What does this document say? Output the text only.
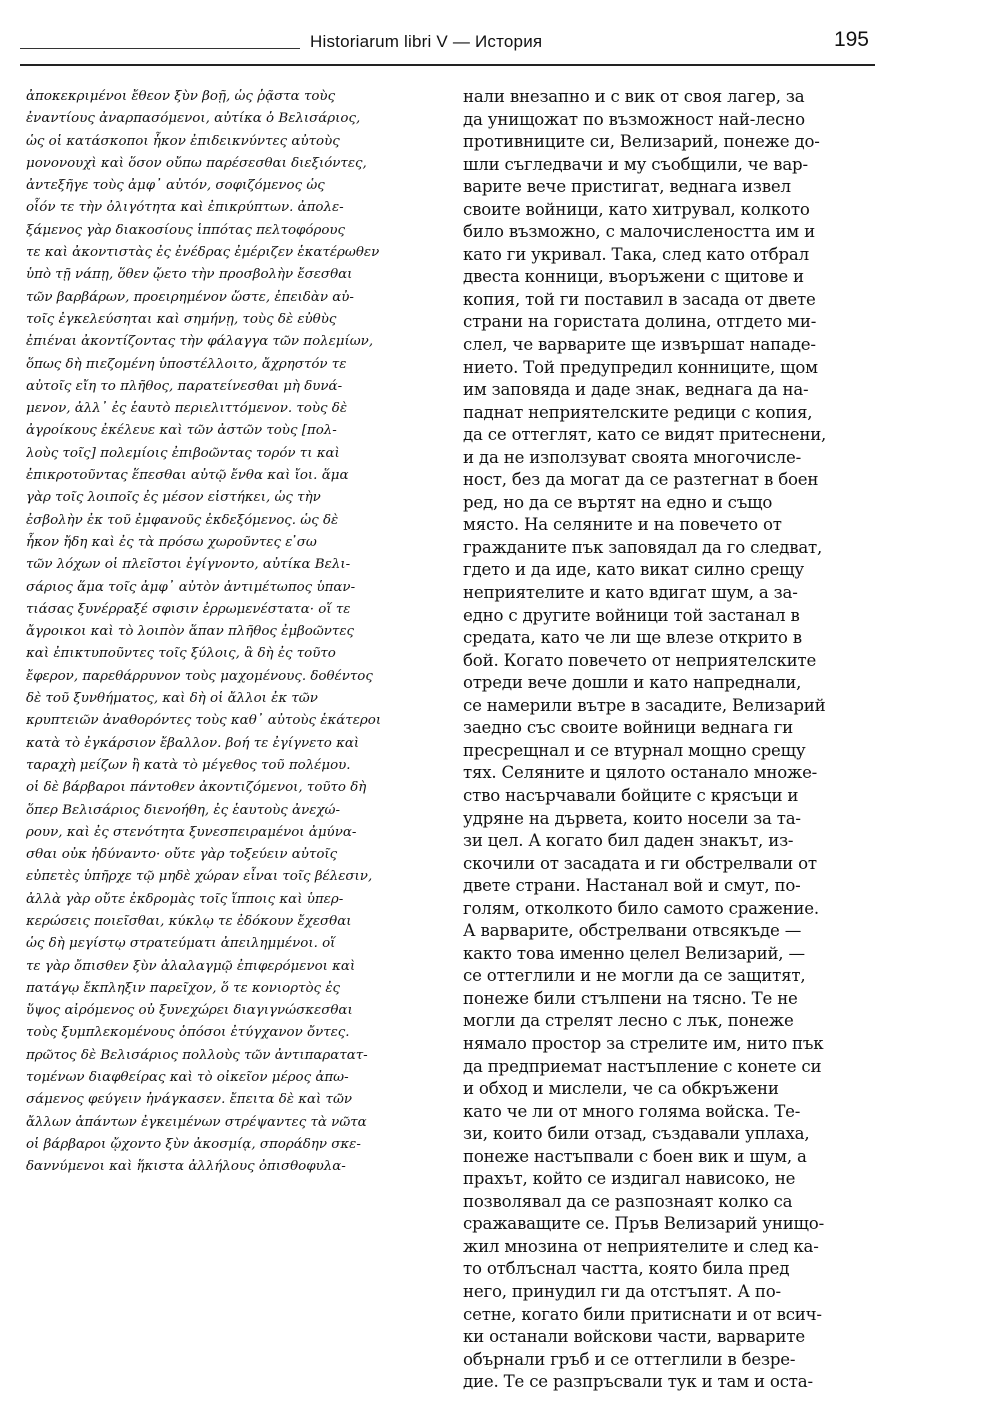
Historiarum libri V — История	195
ἀποκεκριμένοι ἔθεον ξὺν βοῇ, ὡς ῥᾷστα τοὺς
ἐναντίους ἀναρπασόμενοι, αὐτίκα ὁ Βελισάριος,
ὡς οἱ κατάσκοποι ἧκον ἐπιδεικνύντες αὐτοὺς
μονονουχὶ καὶ ὅσον οὔπω παρέσεσθαι διεξιόντες,
ἀντεξῆγε τοὺς ἀμφ᾿ αὐτόν, σοφιζόμενος ὡς
οἷόν τε τὴν ὀλιγότητα καὶ ἐπικρύπτων. ἀπολε-
ξάμενος γὰρ διακοσίους ἱππότας πελτοφόρους
τε καὶ ἀκοντιστὰς ἐς ἐνέδρας ἐμέριζεν ἑκατέρωθεν
ὑπὸ τῇ νάπῃ, ὅθεν ᾤετο τὴν προσβολὴν ἔσεσθαι
τῶν βαρβάρων, προειρημένον ὥστε, ἐπειδὰν αὐ-
τοῖς ἐγκελεύσηται καὶ σημήνῃ, τοὺς δὲ εὐθὺς
ἐπιέναι ἀκοντίζοντας τὴν φάλαγγα τῶν πολεμίων,
ὅπως δὴ πιεζομένη ὑποστέλλοιτο, ἄχρηστόν τε
αὐτοῖς εἴη το πλῆθος, παρατείνεσθαι μὴ δυνά-
μενον, ἀλλ᾿ ἐς ἑαυτὸ περιελιττόμενον. τοὺς δὲ
ἀγροίκους ἐκέλευε καὶ τῶν ἀστῶν τοὺς [πολ-
λοὺς τοῖς] πολεμίοις ἐπιβοῶντας τορόν τι καὶ
ἐπικροτοῦντας ἕπεσθαι αὐτῷ ἔνθα καὶ ἴοι. ἅμα
γὰρ τοῖς λοιποῖς ἐς μέσον εἱστήκει, ὡς τὴν
ἐσβολὴν ἐκ τοῦ ἐμφανοῦς ἐκδεξόμενος. ὡς δὲ
ἧκον ἤδη καὶ ἐς τὰ πρόσω χωροῦντες ε ̓σω
τῶν λόχων οἱ πλεῖστοι ἐγίγνοντο, αὐτίκα Βελι-
σάριος ἅμα τοῖς ἀμφ᾿ αὐτὸν ἀντιμέτωπος ὑπαν-
τιάσας ξυνέρραξέ σφισιν ἐρρωμενέστατα· οἵ τε
ἄγροικοι καὶ τὸ λοιπὸν ἅπαν πλῆθος ἐμβοῶντες
καὶ ἐπικτυποῦντες τοῖς ξύλοις, ἃ δὴ ἐς τοῦτο
ἔφερον, παρεθάρρυνον τοὺς μαχομένους. δοθέντος
δὲ τοῦ ξυνθήματος, καὶ δὴ οἱ ἄλλοι ἐκ τῶν
κρυπτειῶν ἀναθορόντες τοὺς καθ᾿ αὐτοὺς ἑκάτεροι
κατὰ τὸ ἐγκάρσιον ἔβαλλον. βοή τε ἐγίγνετο καὶ
ταραχὴ μείζων ἢ κατὰ τὸ μέγεθος τοῦ πολέμου.
οἱ δὲ βάρβαροι πάντοθεν ἀκοντιζόμενοι, τοῦτο δὴ
ὅπερ Βελισάριος διενοήθη, ἐς ἑαυτοὺς ἀνεχώ-
ρουν, καὶ ἐς στενότητα ξυνεσπειραμένοι ἀμύνα-
σθαι οὐκ ἠδύναντο· οὔτε γὰρ τοξεύειν αὐτοῖς
εὐπετὲς ὑπῆρχε τῷ μηδὲ χώραν εἶναι τοῖς βέλεσιν,
ἀλλὰ γὰρ οὔτε ἐκδρομὰς τοῖς ἵπποις καὶ ὑπερ-
κερώσεις ποιεῖσθαι, κύκλῳ τε ἐδόκουν ἔχεσθαι
ὡς δὴ μεγίστῳ στρατεύματι ἀπειλημμένοι. οἵ
τε γὰρ ὄπισθεν ξὺν ἀλαλαγμῷ ἐπιφερόμενοι καὶ
πατάγῳ ἔκπληξιν παρεῖχον, ὅ τε κονιορτὸς ἐς
ὕψος αἰρόμενος οὐ ξυνεχώρει διαγιγνώσκεσθαι
τοὺς ξυμπλεκομένους ὁπόσοι ἐτύγχανον ὄντες.
πρῶτος δὲ Βελισάριος πολλοὺς τῶν ἀντιπαρατατ-
τομένων διαφθείρας καὶ τὸ οἰκεῖον μέρος ἀπω-
σάμενος φεύγειν ἠνάγκασεν. ἔπειτα δὲ καὶ τῶν
ἄλλων ἁπάντων ἐγκειμένων στρέψαντες τὰ νῶτα
οἱ βάρβαροι ᾤχοντο ξὺν ἀκοσμίᾳ, σποράδην σκε-
δαννύμενοι καὶ ἥκιστα ἀλλήλους ὀπισθοφυλα-
нали внезапно и с вик от своя лагер, за
да унищожат по възможност най-лесно
противниците си, Велизарий, понеже до-
шли съгледвачи и му съобщили, че вар-
варите вече пристигат, веднага извел
своите войници, като хитрувал, колкото
било възможно, с малочислеността им и
като ги укривал. Така, след като отбрал
двеста конници, въоръжени с щитове и
копия, той ги поставил в засада от двете
страни на гористата долина, отгдето ми-
слел, че варварите ще извършат нападе-
нието. Той предупредил конниците, щом
им заповяда и даде знак, веднага да на-
паднат неприятелските редици с копия,
да се оттеглят, като се видят притеснени,
и да не използуват своята многочисле-
ност, без да могат да се разтегнат в боен
ред, но да се въртят на едно и също
място. На селяните и на повечето от
гражданите пък заповядал да го следват,
гдето и да иде, като викат силно срещу
неприятелите и като вдигат шум, а за-
едно с другите войници той застанал в
средата, като че ли ще влезе открито в
бой. Когато повечето от неприятелските
отреди вече дошли и като напреднали,
се намерили вътре в засадите, Велизарий
заедно със своите войници веднага ги
пресрещнал и се втурнал мощно срещу
тях. Селяните и цялото останало множе-
ство насърчавали бойците с крясъци и
удряне на дървета, които носели за та-
зи цел. А когато бил даден знакът, из-
скочили от засадата и ги обстрелвали от
двете страни. Настанал вой и смут, по-
голям, отколкото било самото сражение.
А варварите, обстрелвани отвсякъде —
както това именно целел Велизарий, —
се оттеглили и не могли да се защитят,
понеже били стълпени на тясно. Те не
могли да стрелят лесно с лък, понеже
нямало простор за стрелите им, нито пък
да предприемат настъпление с конете си
и обход и мислели, че са обкръжени
като че ли от много голяма войска. Те-
зи, които били отзад, създавали уплаха,
понеже настъпвали с боен вик и шум, а
прахът, който се издигал нависоко, не
позволявал да се разпознаят колко са
сражаващите се. Пръв Велизарий унищо-
жил мнозина от неприятелите и след ка-
то отблъснал частта, която била пред
него, принудил ги да отстъпят. А по-
сетне, когато били притиснати и от всич-
ки останали войскови части, варварите
обърнали гръб и се оттеглили в безре-
дие. Те се разпръсвали тук и там и оста-
